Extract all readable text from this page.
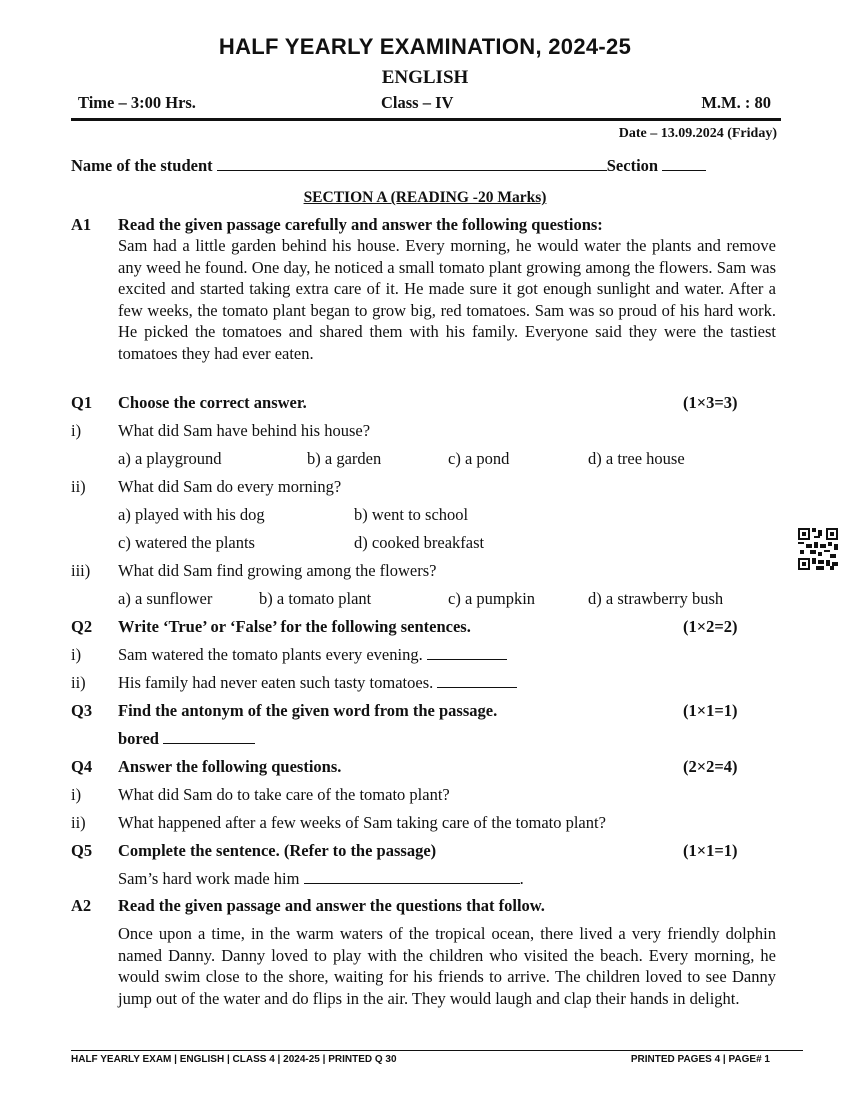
HALF YEARLY EXAMINATION, 2024-25
ENGLISH
Time – 3:00 Hrs.	Class – IV	M.M. : 80
Date – 13.09.2024 (Friday)
Name of the student	Section
SECTION A (READING -20 Marks)
A1 Read the given passage carefully and answer the following questions:
Sam had a little garden behind his house. Every morning, he would water the plants and remove any weed he found. One day, he noticed a small tomato plant growing among the flowers. Sam was excited and started taking extra care of it. He made sure it got enough sunlight and water. After a few weeks, the tomato plant began to grow big, red tomatoes. Sam was so proud of his hard work. He picked the tomatoes and shared them with his family. Everyone said they were the tastiest tomatoes they had ever eaten.
Q1 Choose the correct answer.	(1×3=3)
i) What did Sam have behind his house?
a) a playground	b) a garden	c) a pond	d) a tree house
ii) What did Sam do every morning?
a) played with his dog	b) went to school
c) watered the plants	d) cooked breakfast
iii) What did Sam find growing among the flowers?
a) a sunflower	b) a tomato plant	c) a pumpkin	d) a strawberry bush
Q2 Write ‘True’ or ‘False’ for the following sentences.	(1×2=2)
i) Sam watered the tomato plants every evening.
ii) His family had never eaten such tasty tomatoes.
Q3 Find the antonym of the given word from the passage.	(1×1=1)
bored
Q4 Answer the following questions.	(2×2=4)
i) What did Sam do to take care of the tomato plant?
ii) What happened after a few weeks of Sam taking care of the tomato plant?
Q5 Complete the sentence. (Refer to the passage)	(1×1=1)
Sam’s hard work made him	.
A2 Read the given passage and answer the questions that follow.
Once upon a time, in the warm waters of the tropical ocean, there lived a very friendly dolphin named Danny. Danny loved to play with the children who visited the beach. Every morning, he would swim close to the shore, waiting for his friends to arrive. The children loved to see Danny jump out of the water and do flips in the air. They would laugh and clap their hands in delight.
HALF YEARLY EXAM | ENGLISH | CLASS 4 | 2024-25 | PRINTED Q 30	PRINTED PAGES 4 | PAGE# 1
